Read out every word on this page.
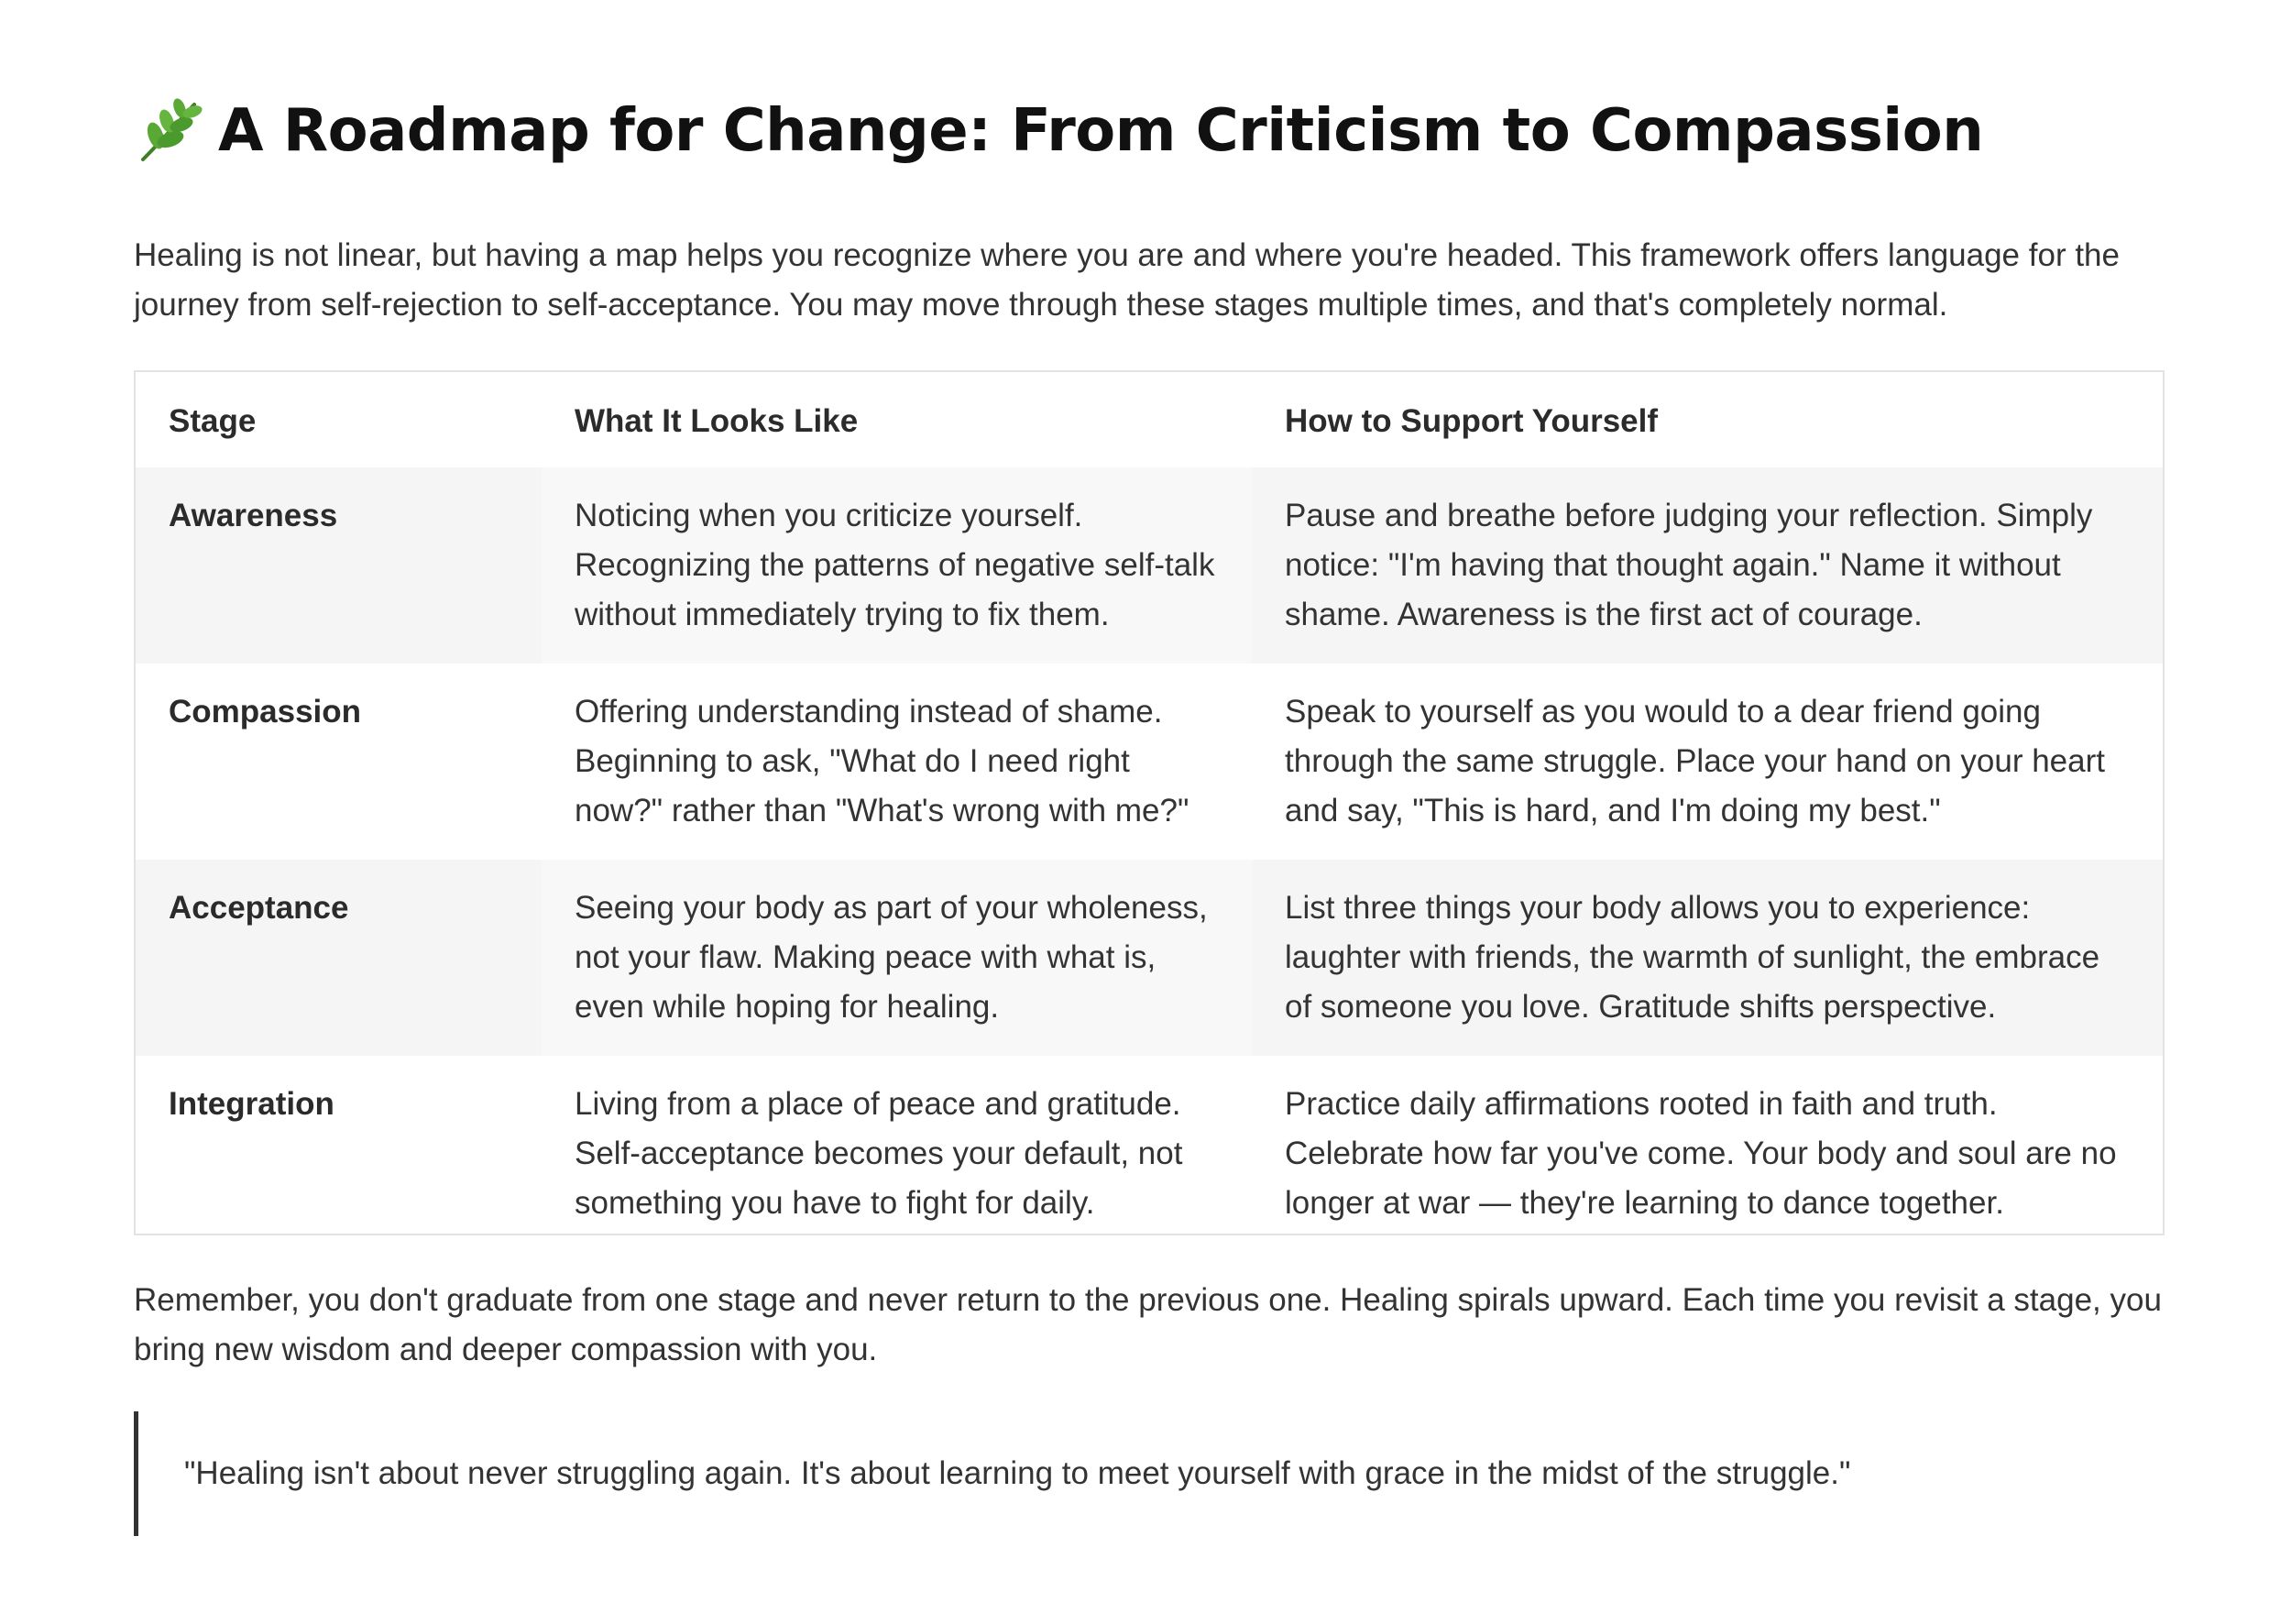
A Roadmap for Change: From Criticism to Compassion

Healing is not linear, but having a map helps you recognize where you are and where you're headed. This framework offers language for the journey from self-rejection to self-acceptance. You may move through these stages multiple times, and that's completely normal.

Stage	What It Looks Like	How to Support Yourself
Awareness	Noticing when you criticize yourself. Recognizing the patterns of negative self-talk without immediately trying to fix them.	Pause and breathe before judging your reflection. Simply notice: "I'm having that thought again." Name it without shame. Awareness is the first act of courage.
Compassion	Offering understanding instead of shame. Beginning to ask, "What do I need right now?" rather than "What's wrong with me?"	Speak to yourself as you would to a dear friend going through the same struggle. Place your hand on your heart and say, "This is hard, and I'm doing my best."
Acceptance	Seeing your body as part of your wholeness, not your flaw. Making peace with what is, even while hoping for healing.	List three things your body allows you to experience: laughter with friends, the warmth of sunlight, the embrace of someone you love. Gratitude shifts perspective.
Integration	Living from a place of peace and gratitude. Self-acceptance becomes your default, not something you have to fight for daily.	Practice daily affirmations rooted in faith and truth. Celebrate how far you've come. Your body and soul are no longer at war — they're learning to dance together.

Remember, you don't graduate from one stage and never return to the previous one. Healing spirals upward. Each time you revisit a stage, you bring new wisdom and deeper compassion with you.

"Healing isn't about never struggling again. It's about learning to meet yourself with grace in the midst of the struggle."
